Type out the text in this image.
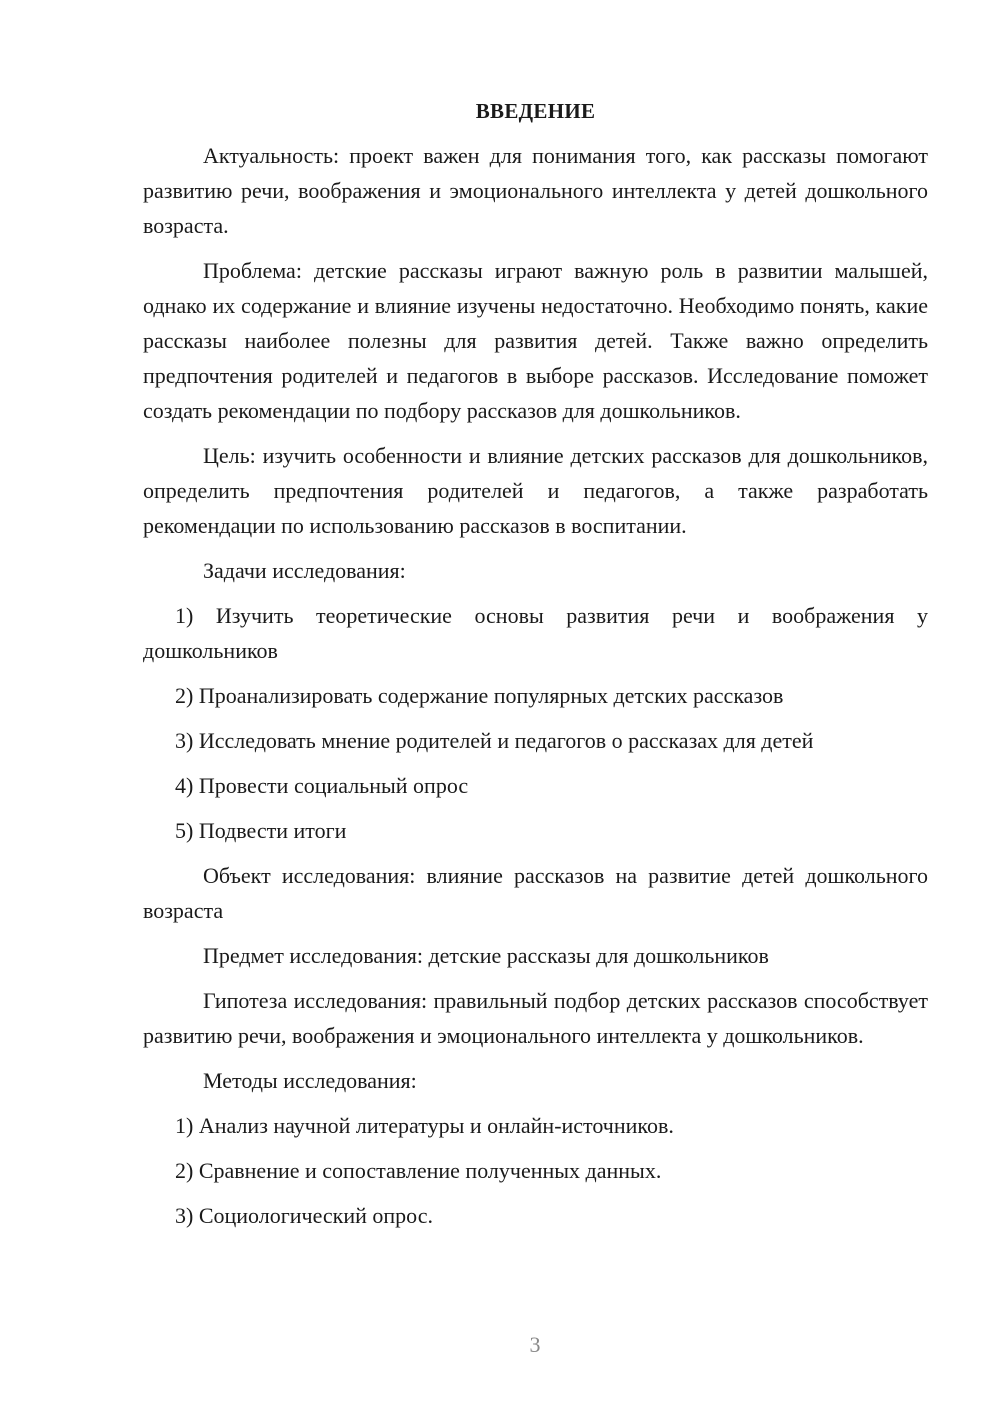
ВВЕДЕНИЕ

Актуальность: проект важен для понимания того, как рассказы помогают развитию речи, воображения и эмоционального интеллекта у детей дошкольного возраста.

Проблема: детские рассказы играют важную роль в развитии малышей, однако их содержание и влияние изучены недостаточно. Необходимо понять, какие рассказы наиболее полезны для развития детей. Также важно определить предпочтения родителей и педагогов в выборе рассказов. Исследование поможет создать рекомендации по подбору рассказов для дошкольников.

Цель: изучить особенности и влияние детских рассказов для дошкольников, определить предпочтения родителей и педагогов, а также разработать рекомендации по использованию рассказов в воспитании.

Задачи исследования:

1) Изучить теоретические основы развития речи и воображения у дошкольников

2) Проанализировать содержание популярных детских рассказов

3) Исследовать мнение родителей и педагогов о рассказах для детей

4) Провести социальный опрос

5) Подвести итоги

Объект исследования: влияние рассказов на развитие детей дошкольного возраста

Предмет исследования: детские рассказы для дошкольников

Гипотеза исследования: правильный подбор детских рассказов способствует развитию речи, воображения и эмоционального интеллекта у дошкольников.

Методы исследования:

1) Анализ научной литературы и онлайн-источников.

2) Сравнение и сопоставление полученных данных.

3) Социологический опрос.

3
